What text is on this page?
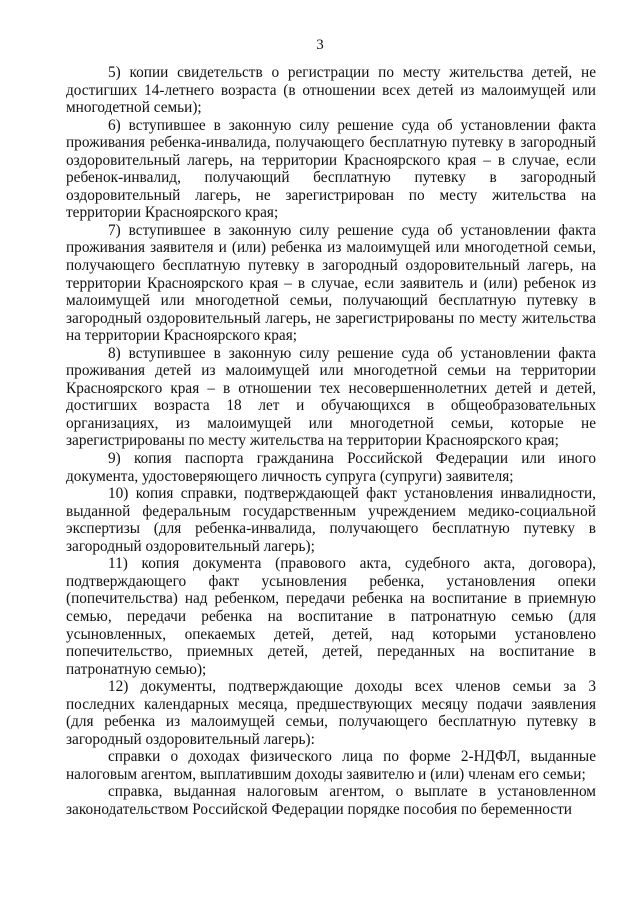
3

5) копии свидетельств о регистрации по месту жительства детей, не достигших 14-летнего возраста (в отношении всех детей из малоимущей или многодетной семьи);

6) вступившее в законную силу решение суда об установлении факта проживания ребенка-инвалида, получающего бесплатную путевку в загородный оздоровительный лагерь, на территории Красноярского края – в случае, если ребенок-инвалид, получающий бесплатную путевку в загородный оздоровительный лагерь, не зарегистрирован по месту жительства на территории Красноярского края;

7) вступившее в законную силу решение суда об установлении факта проживания заявителя и (или) ребенка из малоимущей или многодетной семьи, получающего бесплатную путевку в загородный оздоровительный лагерь, на территории Красноярского края – в случае, если заявитель и (или) ребенок из малоимущей или многодетной семьи, получающий бесплатную путевку в загородный оздоровительный лагерь, не зарегистрированы по месту жительства на территории Красноярского края;

8) вступившее в законную силу решение суда об установлении факта проживания детей из малоимущей или многодетной семьи на территории Красноярского края – в отношении тех несовершеннолетних детей и детей, достигших возраста 18 лет и обучающихся в общеобразовательных организациях, из малоимущей или многодетной семьи, которые не зарегистрированы по месту жительства на территории Красноярского края;

9) копия паспорта гражданина Российской Федерации или иного документа, удостоверяющего личность супруга (супруги) заявителя;

10) копия справки, подтверждающей факт установления инвалидности, выданной федеральным государственным учреждением медико-социальной экспертизы (для ребенка-инвалида, получающего бесплатную путевку в загородный оздоровительный лагерь);

11) копия документа (правового акта, судебного акта, договора), подтверждающего факт усыновления ребенка, установления опеки (попечительства) над ребенком, передачи ребенка на воспитание в приемную семью, передачи ребенка на воспитание в патронатную семью (для усыновленных, опекаемых детей, детей, над которыми установлено попечительство, приемных детей, детей, переданных на воспитание в патронатную семью);

12) документы, подтверждающие доходы всех членов семьи за 3 последних календарных месяца, предшествующих месяцу подачи заявления (для ребенка из малоимущей семьи, получающего бесплатную путевку в загородный оздоровительный лагерь):

справки о доходах физического лица по форме 2-НДФЛ, выданные налоговым агентом, выплатившим доходы заявителю и (или) членам его семьи;

справка, выданная налоговым агентом, о выплате в установленном законодательством Российской Федерации порядке пособия по беременности
